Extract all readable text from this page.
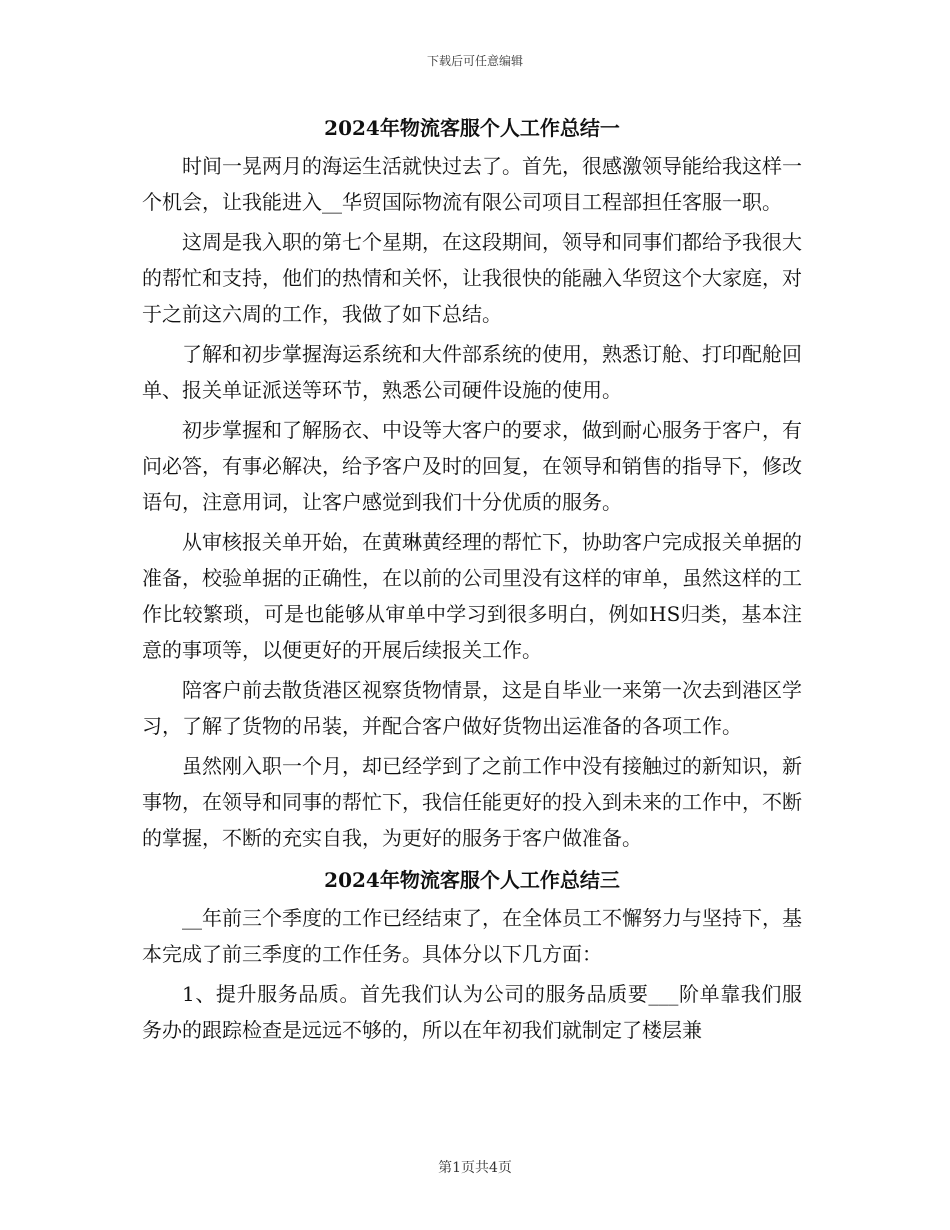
下载后可任意编辑
2024年物流客服个人工作总结一

时间一晃两月的海运生活就快过去了。首先，很感激领导能给我这样一个机会，让我能进入__华贸国际物流有限公司项目工程部担任客服一职。

这周是我入职的第七个星期，在这段期间，领导和同事们都给予我很大的帮忙和支持，他们的热情和关怀，让我很快的能融入华贸这个大家庭，对于之前这六周的工作，我做了如下总结。

了解和初步掌握海运系统和大件部系统的使用，熟悉订舱、打印配舱回单、报关单证派送等环节，熟悉公司硬件设施的使用。

初步掌握和了解肠衣、中设等大客户的要求，做到耐心服务于客户，有问必答，有事必解决，给予客户及时的回复，在领导和销售的指导下，修改语句，注意用词，让客户感觉到我们十分优质的服务。

从审核报关单开始，在黄琳黄经理的帮忙下，协助客户完成报关单据的准备，校验单据的正确性，在以前的公司里没有这样的审单，虽然这样的工作比较繁琐，可是也能够从审单中学习到很多明白，例如HS归类，基本注意的事项等，以便更好的开展后续报关工作。

陪客户前去散货港区视察货物情景，这是自毕业一来第一次去到港区学习，了解了货物的吊装，并配合客户做好货物出运准备的各项工作。

虽然刚入职一个月，却已经学到了之前工作中没有接触过的新知识，新事物，在领导和同事的帮忙下，我信任能更好的投入到未来的工作中，不断的掌握，不断的充实自我，为更好的服务于客户做准备。

2024年物流客服个人工作总结三

__年前三个季度的工作已经结束了，在全体员工不懈努力与坚持下，基本完成了前三季度的工作任务。具体分以下几方面：

1、提升服务品质。首先我们认为公司的服务品质要___阶单靠我们服务办的跟踪检查是远远不够的，所以在年初我们就制定了楼层兼

第1页共4页
